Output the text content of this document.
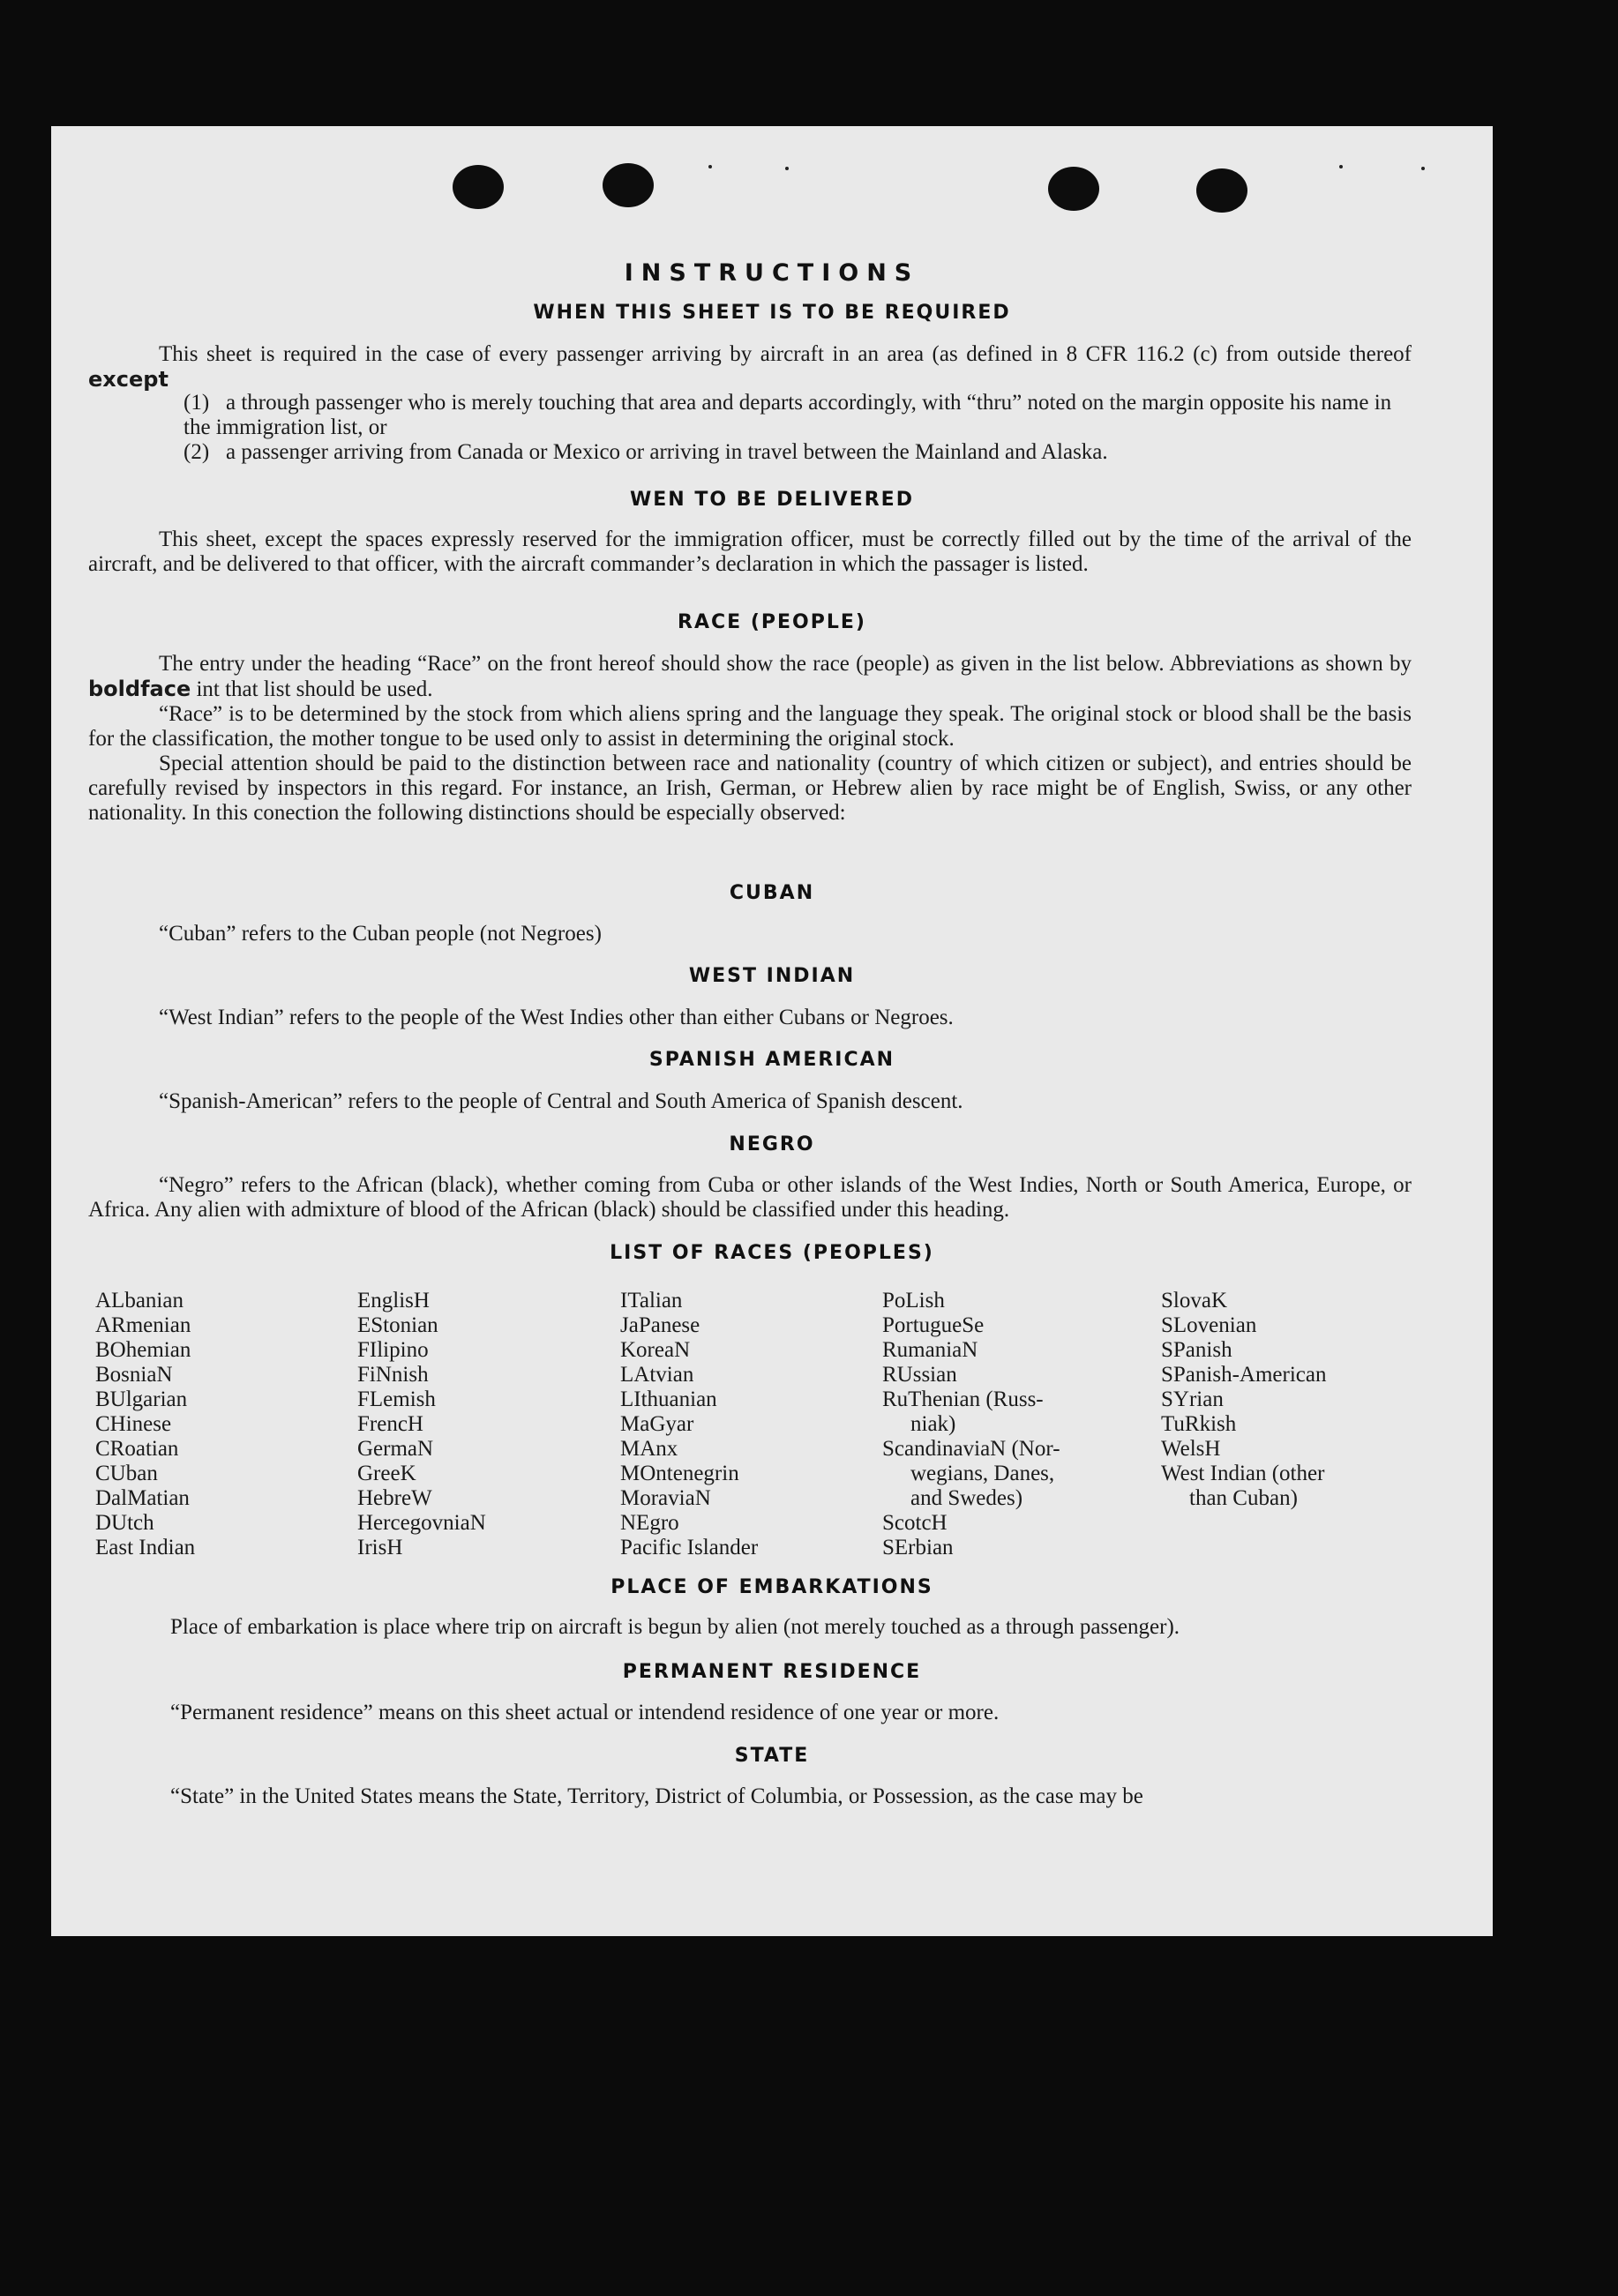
INSTRUCTIONS
WHEN THIS SHEET IS TO BE REQUIRED

This sheet is required in the case of every passenger arriving by aircraft in an area (as defined in 8 CFR 116.2 (c) from outside thereof except

(1) a through passenger who is merely touching that area and departs accordingly, with “thru” noted on the margin opposite his name in the immigration list, or
(2) a passenger arriving from Canada or Mexico or arriving in travel between the Mainland and Alaska.
WEN TO BE DELIVERED

This sheet, except the spaces expressly reserved for the immigration officer, must be correctly filled out by the time of the arrival of the aircraft, and be delivered to that officer, with the aircraft commander’s declaration in which the passager is listed.

RACE (PEOPLE)

The entry under the heading “Race” on the front hereof should show the race (people) as given in the list below. Abbreviations as shown by boldface int that list should be used.

“Race” is to be determined by the stock from which aliens spring and the language they speak. The original stock or blood shall be the basis for the classification, the mother tongue to be used only to assist in determining the original stock.

Special attention should be paid to the distinction between race and nationality (country of which citizen or subject), and entries should be carefully revised by inspectors in this regard. For instance, an Irish, German, or Hebrew alien by race might be of English, Swiss, or any other nationality. In this conection the following distinctions should be especially observed:

CUBAN

“Cuban” refers to the Cuban people (not Negroes)

WEST INDIAN

“West Indian” refers to the people of the West Indies other than either Cubans or Negroes.

SPANISH AMERICAN

“Spanish-American” refers to the people of Central and South America of Spanish descent.

NEGRO

“Negro” refers to the African (black), whether coming from Cuba or other islands of the West Indies, North or South America, Europe, or Africa. Any alien with admixture of blood of the African (black) should be classified under this heading.

LIST OF RACES (PEOPLES)
ALbanian
ARmenian
BOhemian
BosniaN
BUlgarian
CHinese
CRoatian
CUban
DalMatian
DUtch
East Indian
EnglisH
EStonian
FIlipino
FiNnish
FLemish
FrencH
GermaN
GreeK
HebreW
HercegovniaN
IrisH
ITalian
JaPanese
KoreaN
LAtvian
LIthuanian
MaGyar
MAnx
MOntenegrin
MoraviaN
NEgro
Pacific Islander
PoLish
PortugueSe
RumaniaN
RUssian
RuThenian (Russ-
niak)
ScandinaviaN (Nor-
wegians, Danes,
and Swedes)
ScotcH
SErbian
SlovaK
SLovenian
SPanish
SPanish-American
SYrian
TuRkish
WelsH
West Indian (other
than Cuban)
PLACE OF EMBARKATIONS

Place of embarkation is place where trip on aircraft is begun by alien (not merely touched as a through passenger).

PERMANENT RESIDENCE

“Permanent residence” means on this sheet actual or intendend residence of one year or more.

STATE

“State” in the United States means the State, Territory, District of Columbia, or Possession, as the case may be
